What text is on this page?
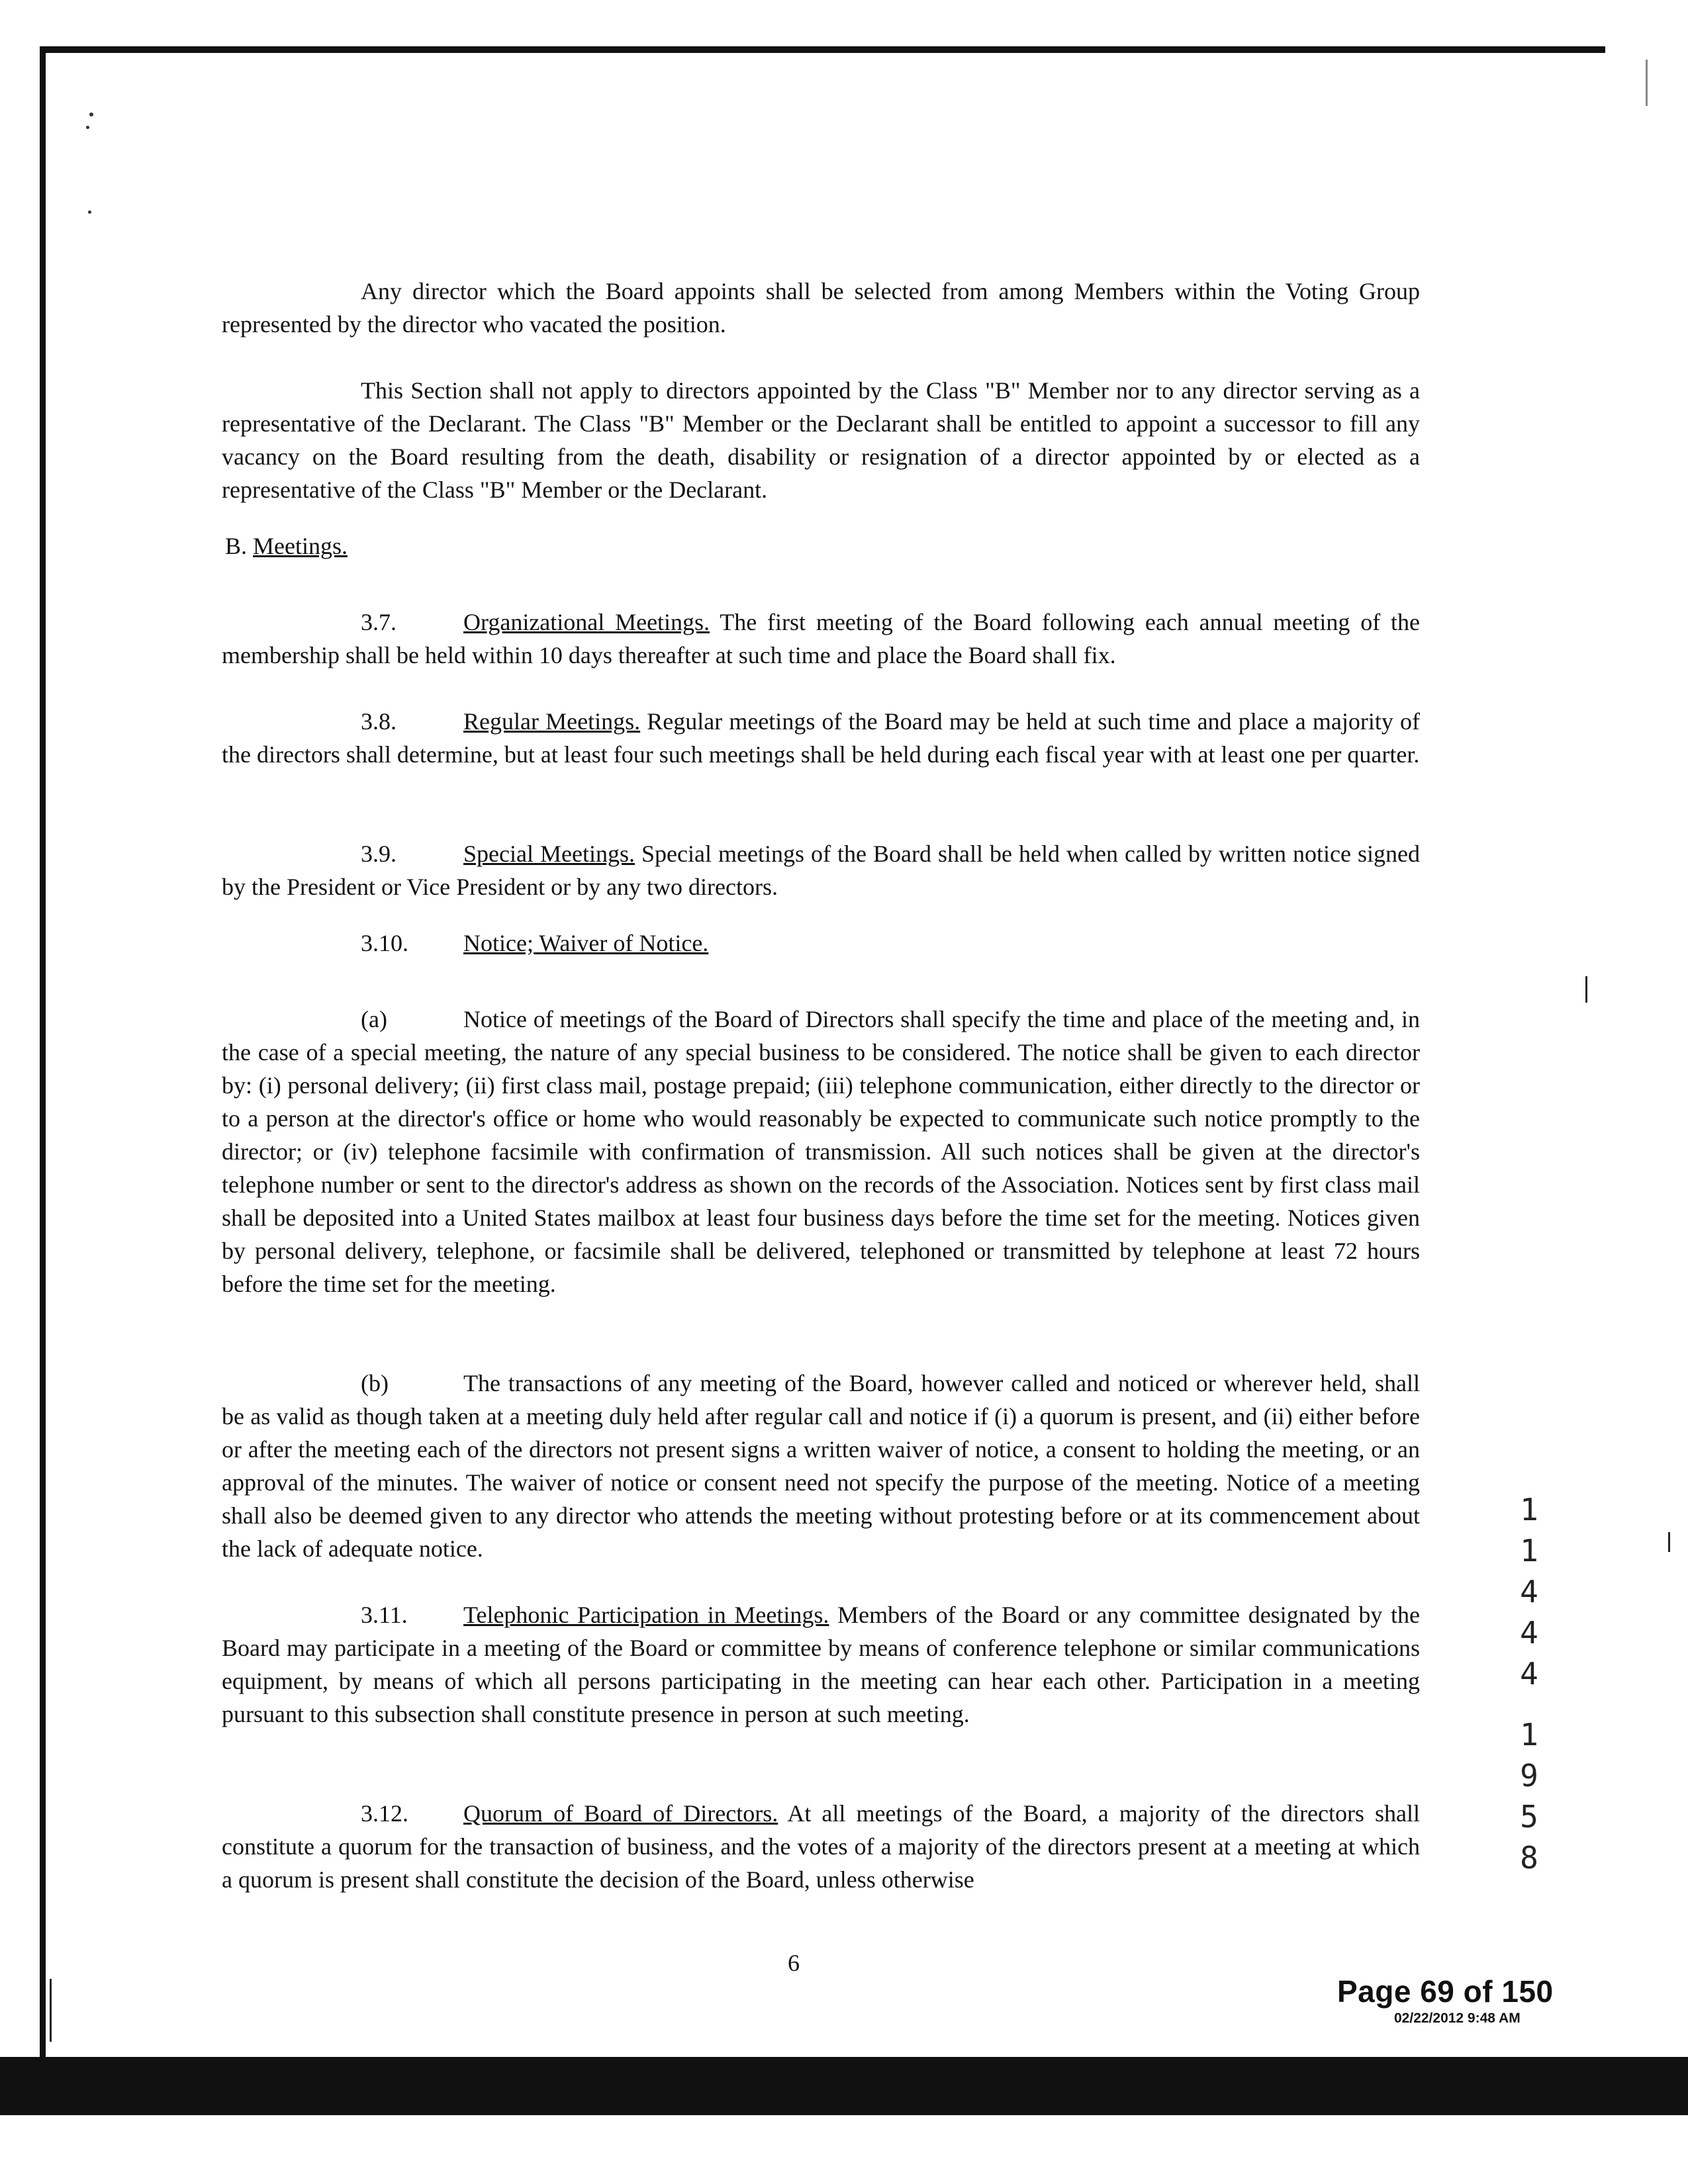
Any director which the Board appoints shall be selected from among Members within the Voting Group represented by the director who vacated the position.

This Section shall not apply to directors appointed by the Class "B" Member nor to any director serving as a representative of the Declarant. The Class "B" Member or the Declarant shall be entitled to appoint a successor to fill any vacancy on the Board resulting from the death, disability or resignation of a director appointed by or elected as a representative of the Class "B" Member or the Declarant.

B. Meetings.

3.7.	Organizational Meetings. The first meeting of the Board following each annual meeting of the membership shall be held within 10 days thereafter at such time and place the Board shall fix.

3.8.	Regular Meetings. Regular meetings of the Board may be held at such time and place a majority of the directors shall determine, but at least four such meetings shall be held during each fiscal year with at least one per quarter.

3.9.	Special Meetings. Special meetings of the Board shall be held when called by written notice signed by the President or Vice President or by any two directors.

3.10. Notice; Waiver of Notice.

(a)	Notice of meetings of the Board of Directors shall specify the time and place of the meeting and, in the case of a special meeting, the nature of any special business to be considered. The notice shall be given to each director by: (i) personal delivery; (ii) first class mail, postage prepaid; (iii) telephone communication, either directly to the director or to a person at the director's office or home who would reasonably be expected to communicate such notice promptly to the director; or (iv) telephone facsimile with confirmation of transmission. All such notices shall be given at the director's telephone number or sent to the director's address as shown on the records of the Association. Notices sent by first class mail shall be deposited into a United States mailbox at least four business days before the time set for the meeting. Notices given by personal delivery, telephone, or facsimile shall be delivered, telephoned or transmitted by telephone at least 72 hours before the time set for the meeting.

(b)	The transactions of any meeting of the Board, however called and noticed or wherever held, shall be as valid as though taken at a meeting duly held after regular call and notice if (i) a quorum is present, and (ii) either before or after the meeting each of the directors not present signs a written waiver of notice, a consent to holding the meeting, or an approval of the minutes. The waiver of notice or consent need not specify the purpose of the meeting. Notice of a meeting shall also be deemed given to any director who attends the meeting without protesting before or at its commencement about the lack of adequate notice.

3.11. Telephonic Participation in Meetings. Members of the Board or any committee designated by the Board may participate in a meeting of the Board or committee by means of conference telephone or similar communications equipment, by means of which all persons participating in the meeting can hear each other. Participation in a meeting pursuant to this subsection shall constitute presence in person at such meeting.

3.12. Quorum of Board of Directors. At all meetings of the Board, a majority of the directors shall constitute a quorum for the transaction of business, and the votes of a majority of the directors present at a meeting at which a quorum is present shall constitute the decision of the Board, unless otherwise

6
Page 69 of 150
02/22/2012 9:48 AM
1
1
4
4
4
1
9
5
8
